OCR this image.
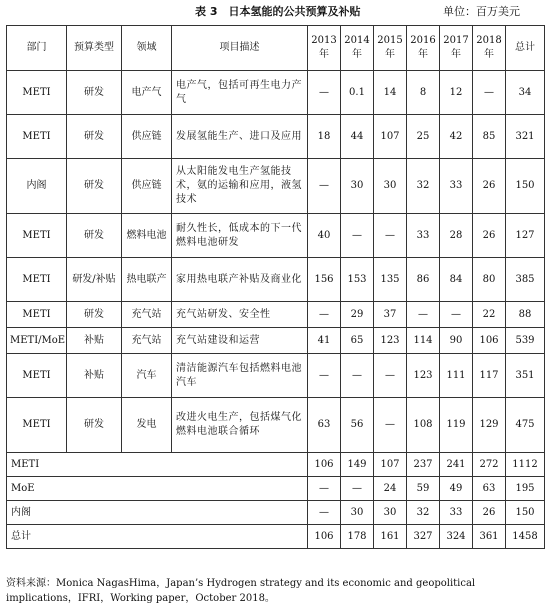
表 3　日本氢能的公共预算及补贴	单位：百万美元
部门	预算类型	领域	项目描述	2013年	2014年	2015年	2016年	2017年	2018年	总计
METI	研发	电产气	电产气，包括可再生电力产气	—	0.1	14	8	12	—	34
METI	研发	供应链	发展氢能生产、进口及应用	18	44	107	25	42	85	321
内阁	研发	供应链	从太阳能发电生产氢能技术，氨的运输和应用，液氢技术	—	30	30	32	33	26	150
METI	研发	燃料电池	耐久性长，低成本的下一代燃料电池研发	40	—	—	33	28	26	127
METI	研发/补贴	热电联产	家用热电联产补贴及商业化	156	153	135	86	84	80	385
METI	研发	充气站	充气站研发、安全性	—	29	37	—	—	22	88
METI/MoE	补贴	充气站	充气站建设和运营	41	65	123	114	90	106	539
METI	补贴	汽车	清洁能源汽车包括燃料电池汽车	—	—	—	123	111	117	351
METI	研发	发电	改进火电生产，包括煤气化燃料电池联合循环	63	56	—	108	119	129	475
METI				106	149	107	237	241	272	1112
MoE				—	—	24	59	49	63	195
内阁				—	30	30	32	33	26	150
总计				106	178	161	327	324	361	1458
资料来源：Monica NagasHima，Japan’s Hydrogen strategy and its economic and geopolitical implications，IFRI，Working paper，October 2018。
